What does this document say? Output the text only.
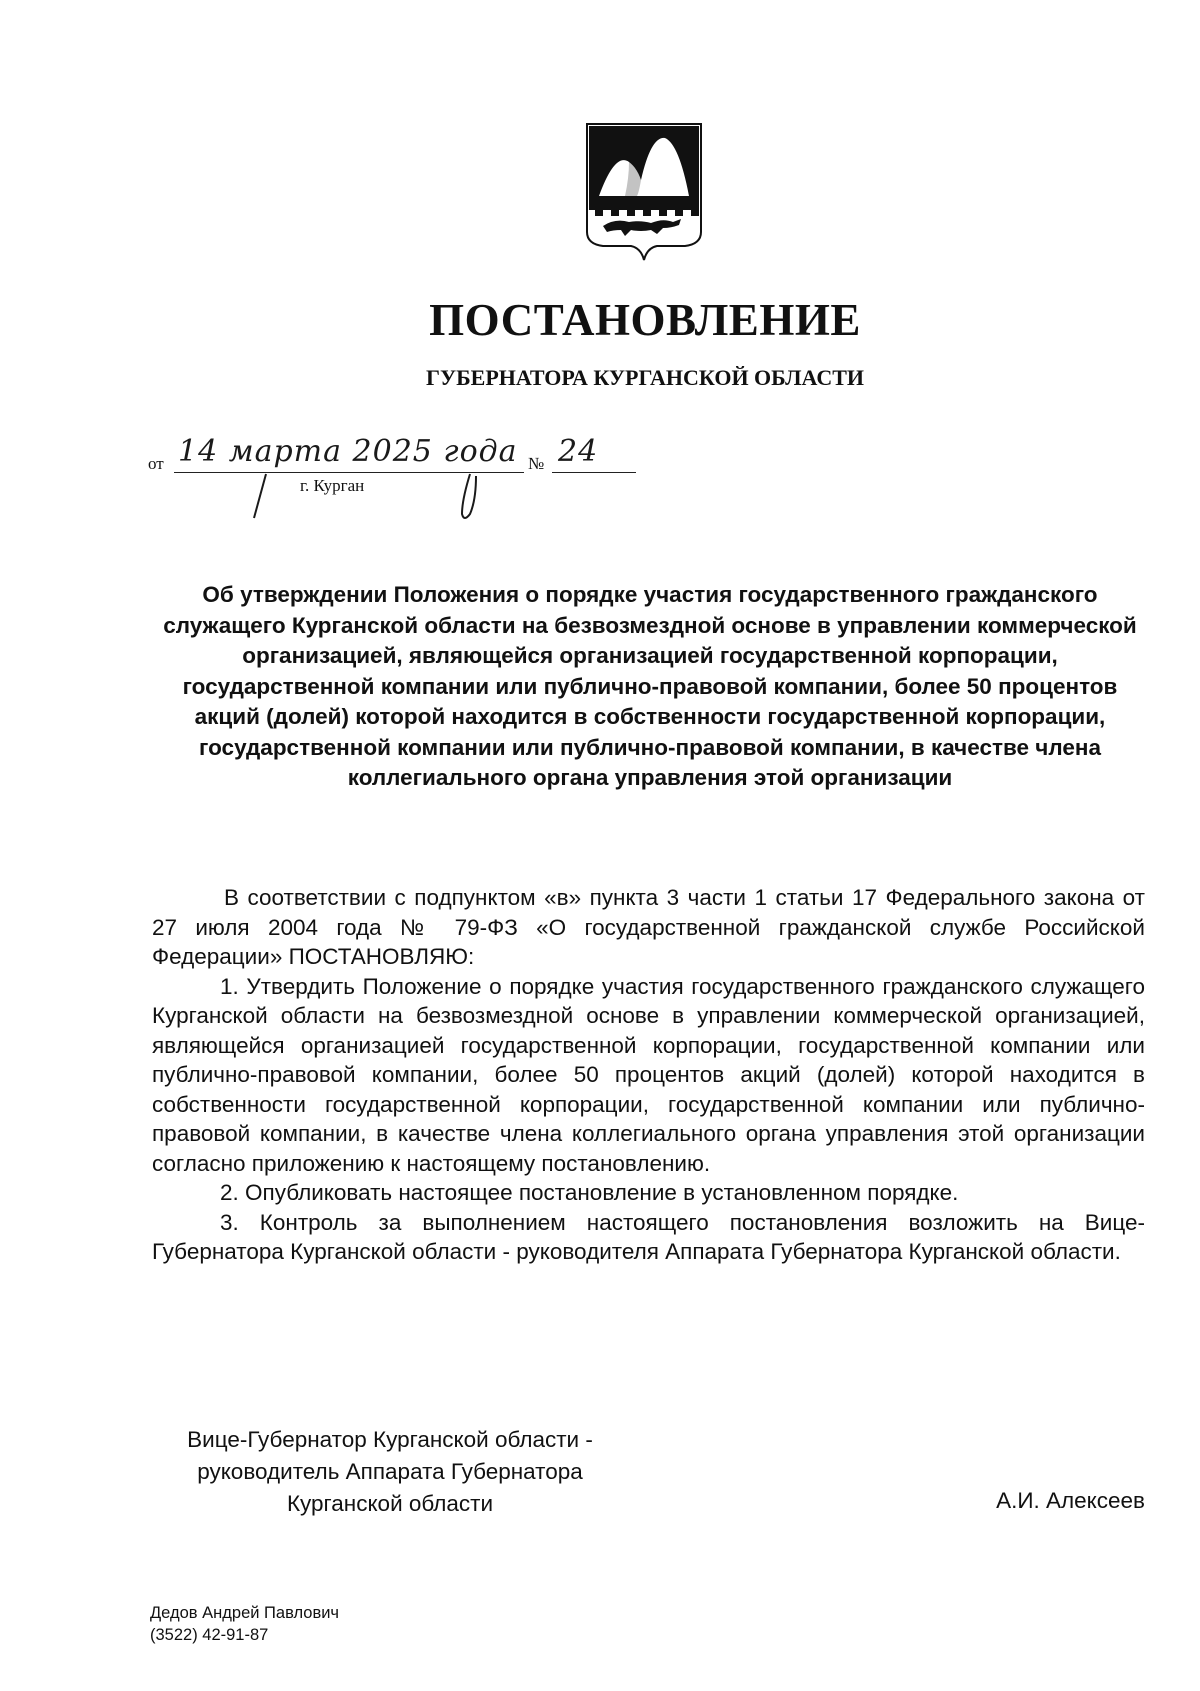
ПОСТАНОВЛЕНИЕ
ГУБЕРНАТОРА КУРГАНСКОЙ ОБЛАСТИ
от 14 марта 2025 года № 24
г. Курган

Об утверждении Положения о порядке участия государственного гражданского служащего Курганской области на безвозмездной основе в управлении коммерческой организацией, являющейся организацией государственной корпорации, государственной компании или публично-правовой компании, более 50 процентов акций (долей) которой находится в собственности государственной корпорации, государственной компании или публично-правовой компании, в качестве члена коллегиального органа управления этой организации

В соответствии с подпунктом «в» пункта 3 части 1 статьи 17 Федерального закона от 27 июля 2004 года № 79-ФЗ «О государственной гражданской службе Российской Федерации» ПОСТАНОВЛЯЮ:

1. Утвердить Положение о порядке участия государственного гражданского служащего Курганской области на безвозмездной основе в управлении коммерческой организацией, являющейся организацией государственной корпорации, государственной компании или публично-правовой компании, более 50 процентов акций (долей) которой находится в собственности государственной корпорации, государственной компании или публично-правовой компании, в качестве члена коллегиального органа управления этой организации согласно приложению к настоящему постановлению.

2. Опубликовать настоящее постановление в установленном порядке.

3. Контроль за выполнением настоящего постановления возложить на Вице-Губернатора Курганской области - руководителя Аппарата Губернатора Курганской области.

Вице-Губернатор Курганской области -
руководитель Аппарата Губернатора
Курганской области	А.И. Алексеев
Дедов Андрей Павлович
(3522) 42-91-87
